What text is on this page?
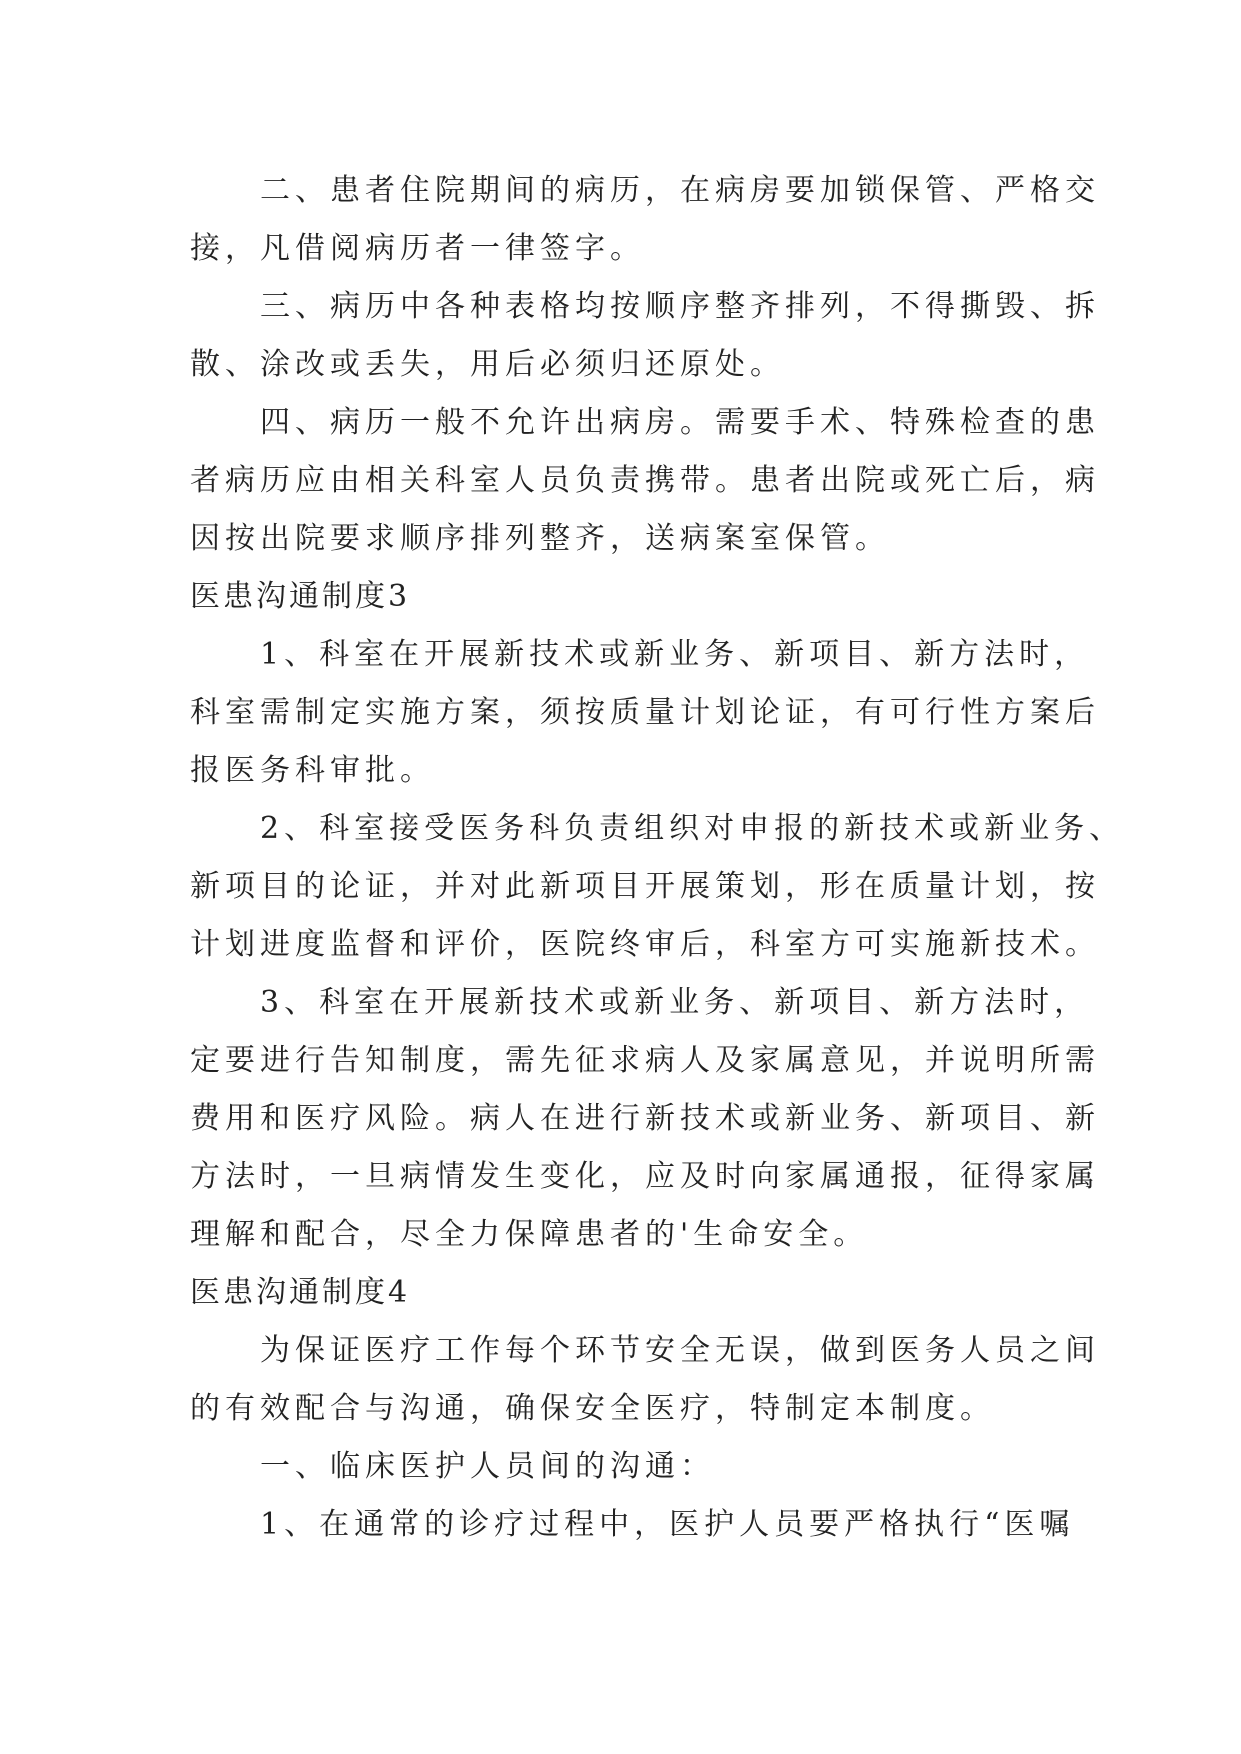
　　二、患者住院期间的病历，在病房要加锁保管、严格交
接，凡借阅病历者一律签字。
　　三、病历中各种表格均按顺序整齐排列，不得撕毁、拆
散、涂改或丢失，用后必须归还原处。
　　四、病历一般不允许出病房。需要手术、特殊检查的患
者病历应由相关科室人员负责携带。患者出院或死亡后，病
因按出院要求顺序排列整齐，送病案室保管。
医患沟通制度3
　　1、科室在开展新技术或新业务、新项目、新方法时，
科室需制定实施方案，须按质量计划论证，有可行性方案后
报医务科审批。
　　2、科室接受医务科负责组织对申报的新技术或新业务、
新项目的论证，并对此新项目开展策划，形在质量计划，按
计划进度监督和评价，医院终审后，科室方可实施新技术。
　　3、科室在开展新技术或新业务、新项目、新方法时，
定要进行告知制度，需先征求病人及家属意见，并说明所需
费用和医疗风险。病人在进行新技术或新业务、新项目、新
方法时，一旦病情发生变化，应及时向家属通报，征得家属
理解和配合，尽全力保障患者的'生命安全。
医患沟通制度4
　　为保证医疗工作每个环节安全无误，做到医务人员之间
的有效配合与沟通，确保安全医疗，特制定本制度。
　　一、临床医护人员间的沟通：
　　1、在通常的诊疗过程中，医护人员要严格执行“医嘱
